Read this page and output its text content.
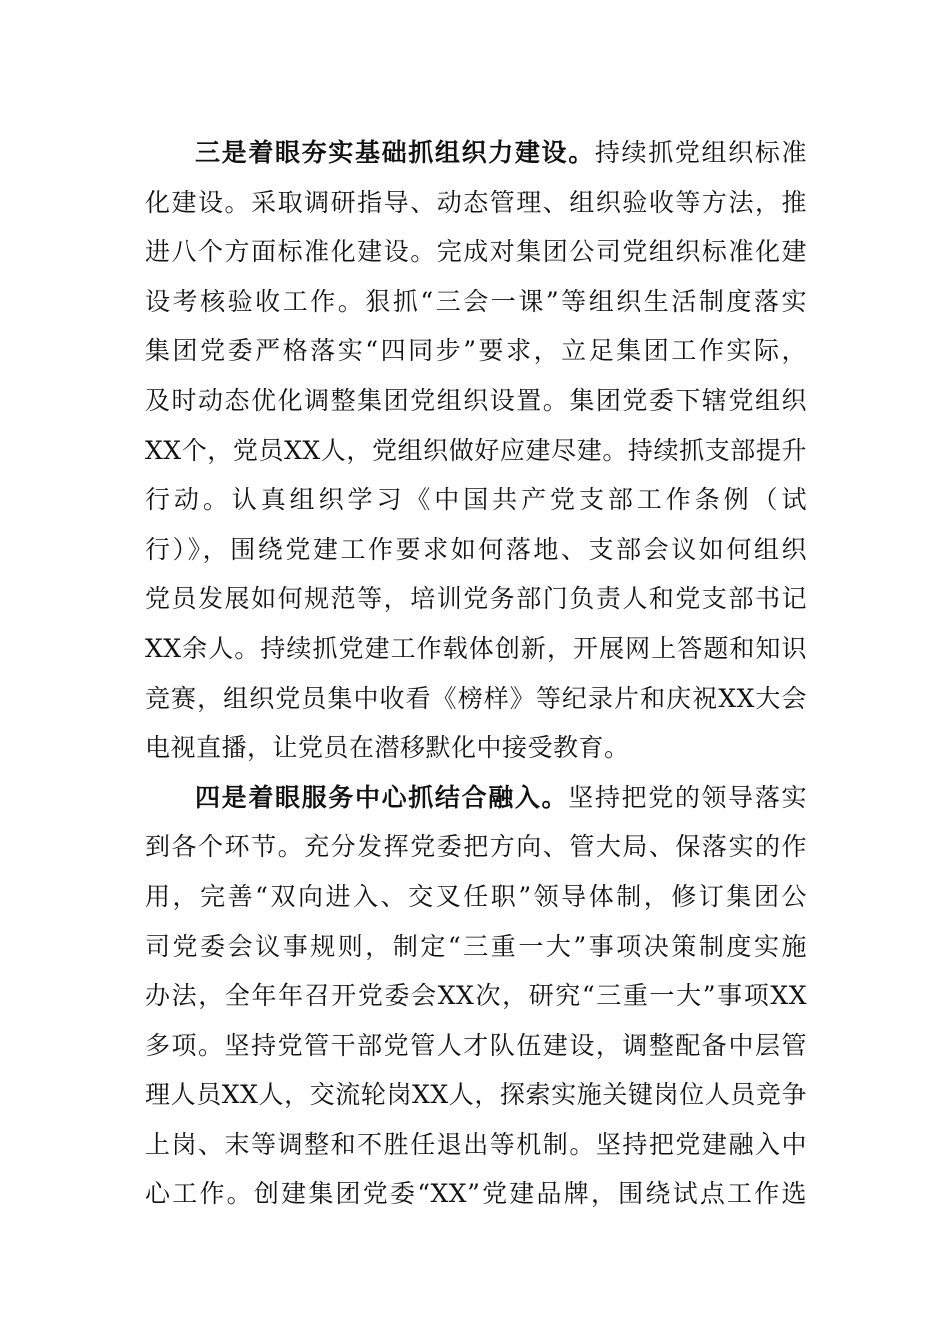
三是着眼夯实基础抓组织力建设。持续抓党组织标准
化建设。采取调研指导、动态管理、组织验收等方法，推
进八个方面标准化建设。完成对集团公司党组织标准化建
设考核验收工作。狠抓“三会一课”等组织生活制度落实
集团党委严格落实“四同步”要求，立足集团工作实际，
及时动态优化调整集团党组织设置。集团党委下辖党组织
XX个，党员XX人，党组织做好应建尽建。持续抓支部提升
行动。认真组织学习《中国共产党支部工作条例（试
行）》，围绕党建工作要求如何落地、支部会议如何组织
党员发展如何规范等，培训党务部门负责人和党支部书记
XX余人。持续抓党建工作载体创新，开展网上答题和知识
竞赛，组织党员集中收看《榜样》等纪录片和庆祝XX大会
电视直播，让党员在潜移默化中接受教育。
四是着眼服务中心抓结合融入。坚持把党的领导落实
到各个环节。充分发挥党委把方向、管大局、保落实的作
用，完善“双向进入、交叉任职”领导体制，修订集团公
司党委会议事规则，制定“三重一大”事项决策制度实施
办法，全年年召开党委会XX次，研究“三重一大”事项XX
多项。坚持党管干部党管人才队伍建设，调整配备中层管
理人员XX人，交流轮岗XX人，探索实施关键岗位人员竞争
上岗、末等调整和不胜任退出等机制。坚持把党建融入中
心工作。创建集团党委“XX”党建品牌，围绕试点工作选
